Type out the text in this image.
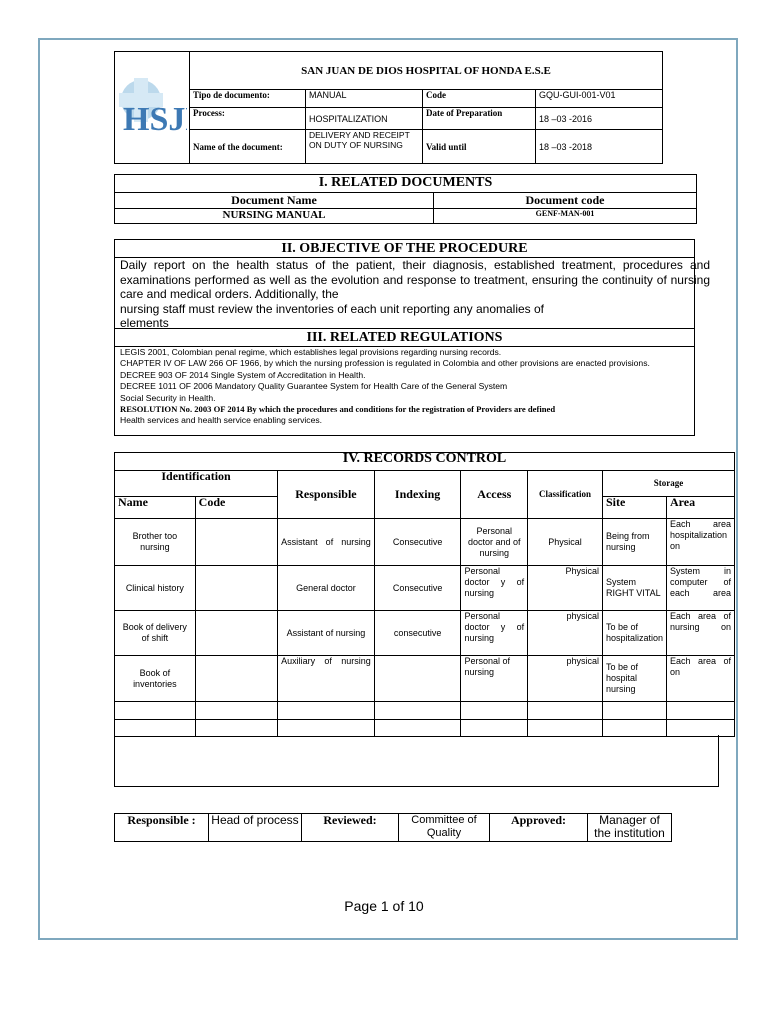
HSJ	SAN JUAN DE DIOS HOSPITAL OF HONDA E.S.E			
	Tipo de documento:	MANUAL	Code	GQU-GUI-001-V01
	Process:	HOSPITALIZATION	Date of Preparation	18 –03 -2016
	Name of the document:	DELIVERY AND RECEIPT ON DUTY OF NURSING	Valid until	18 –03 -2018
I. RELATED DOCUMENTS	
Document Name	Document code
NURSING MANUAL	GENF-MAN-001
II. OBJECTIVE OF THE PROCEDURE
Daily report on the health status of the patient, their diagnosis, established treatment, procedures and examinations performed as well as the evolution and response to treatment, ensuring the continuity of nursing care and medical orders. Additionally, the
nursing staff must review the inventories of each unit reporting any anomalies of
elements
III. RELATED REGULATIONS
LEGIS 2001, Colombian penal regime, which establishes legal provisions regarding nursing records.
CHAPTER IV OF LAW 266 OF 1966, by which the nursing profession is regulated in Colombia and other provisions are enacted provisions.
DECREE 903 OF 2014 Single System of Accreditation in Health.
DECREE 1011 OF 2006 Mandatory Quality Guarantee System for Health Care of the General System
Social Security in Health.
RESOLUTION No. 2003 OF 2014 By which the procedures and conditions for the registration of Providers are defined
Health services and health service enabling services.
IV. RECORDS CONTROL							
Identification		Responsible	Indexing	Access	Classification	Storage	
Name	Code					Site	Area
Brother too nursing		Assistant of nursing	Consecutive	Personal doctor and of nursing	Physical	Being from nursing	Each area hospitalization on
Clinical history		General doctor	Consecutive	Personal doctor y of nursing	Physical	System RIGHT VITAL	System in computer of each area
Book of delivery of shift		Assistant of nursing	consecutive	Personal doctor y of nursing	physical	To be of hospitalization	Each area of nursing on
Book of inventories		Auxiliary of nursing		Personal of nursing	physical	To be of hospital nursing	Each area of on

Responsible :	Head of process	Reviewed:	Committee of Quality	Approved:	Manager of the institution
Page 1 of 10
